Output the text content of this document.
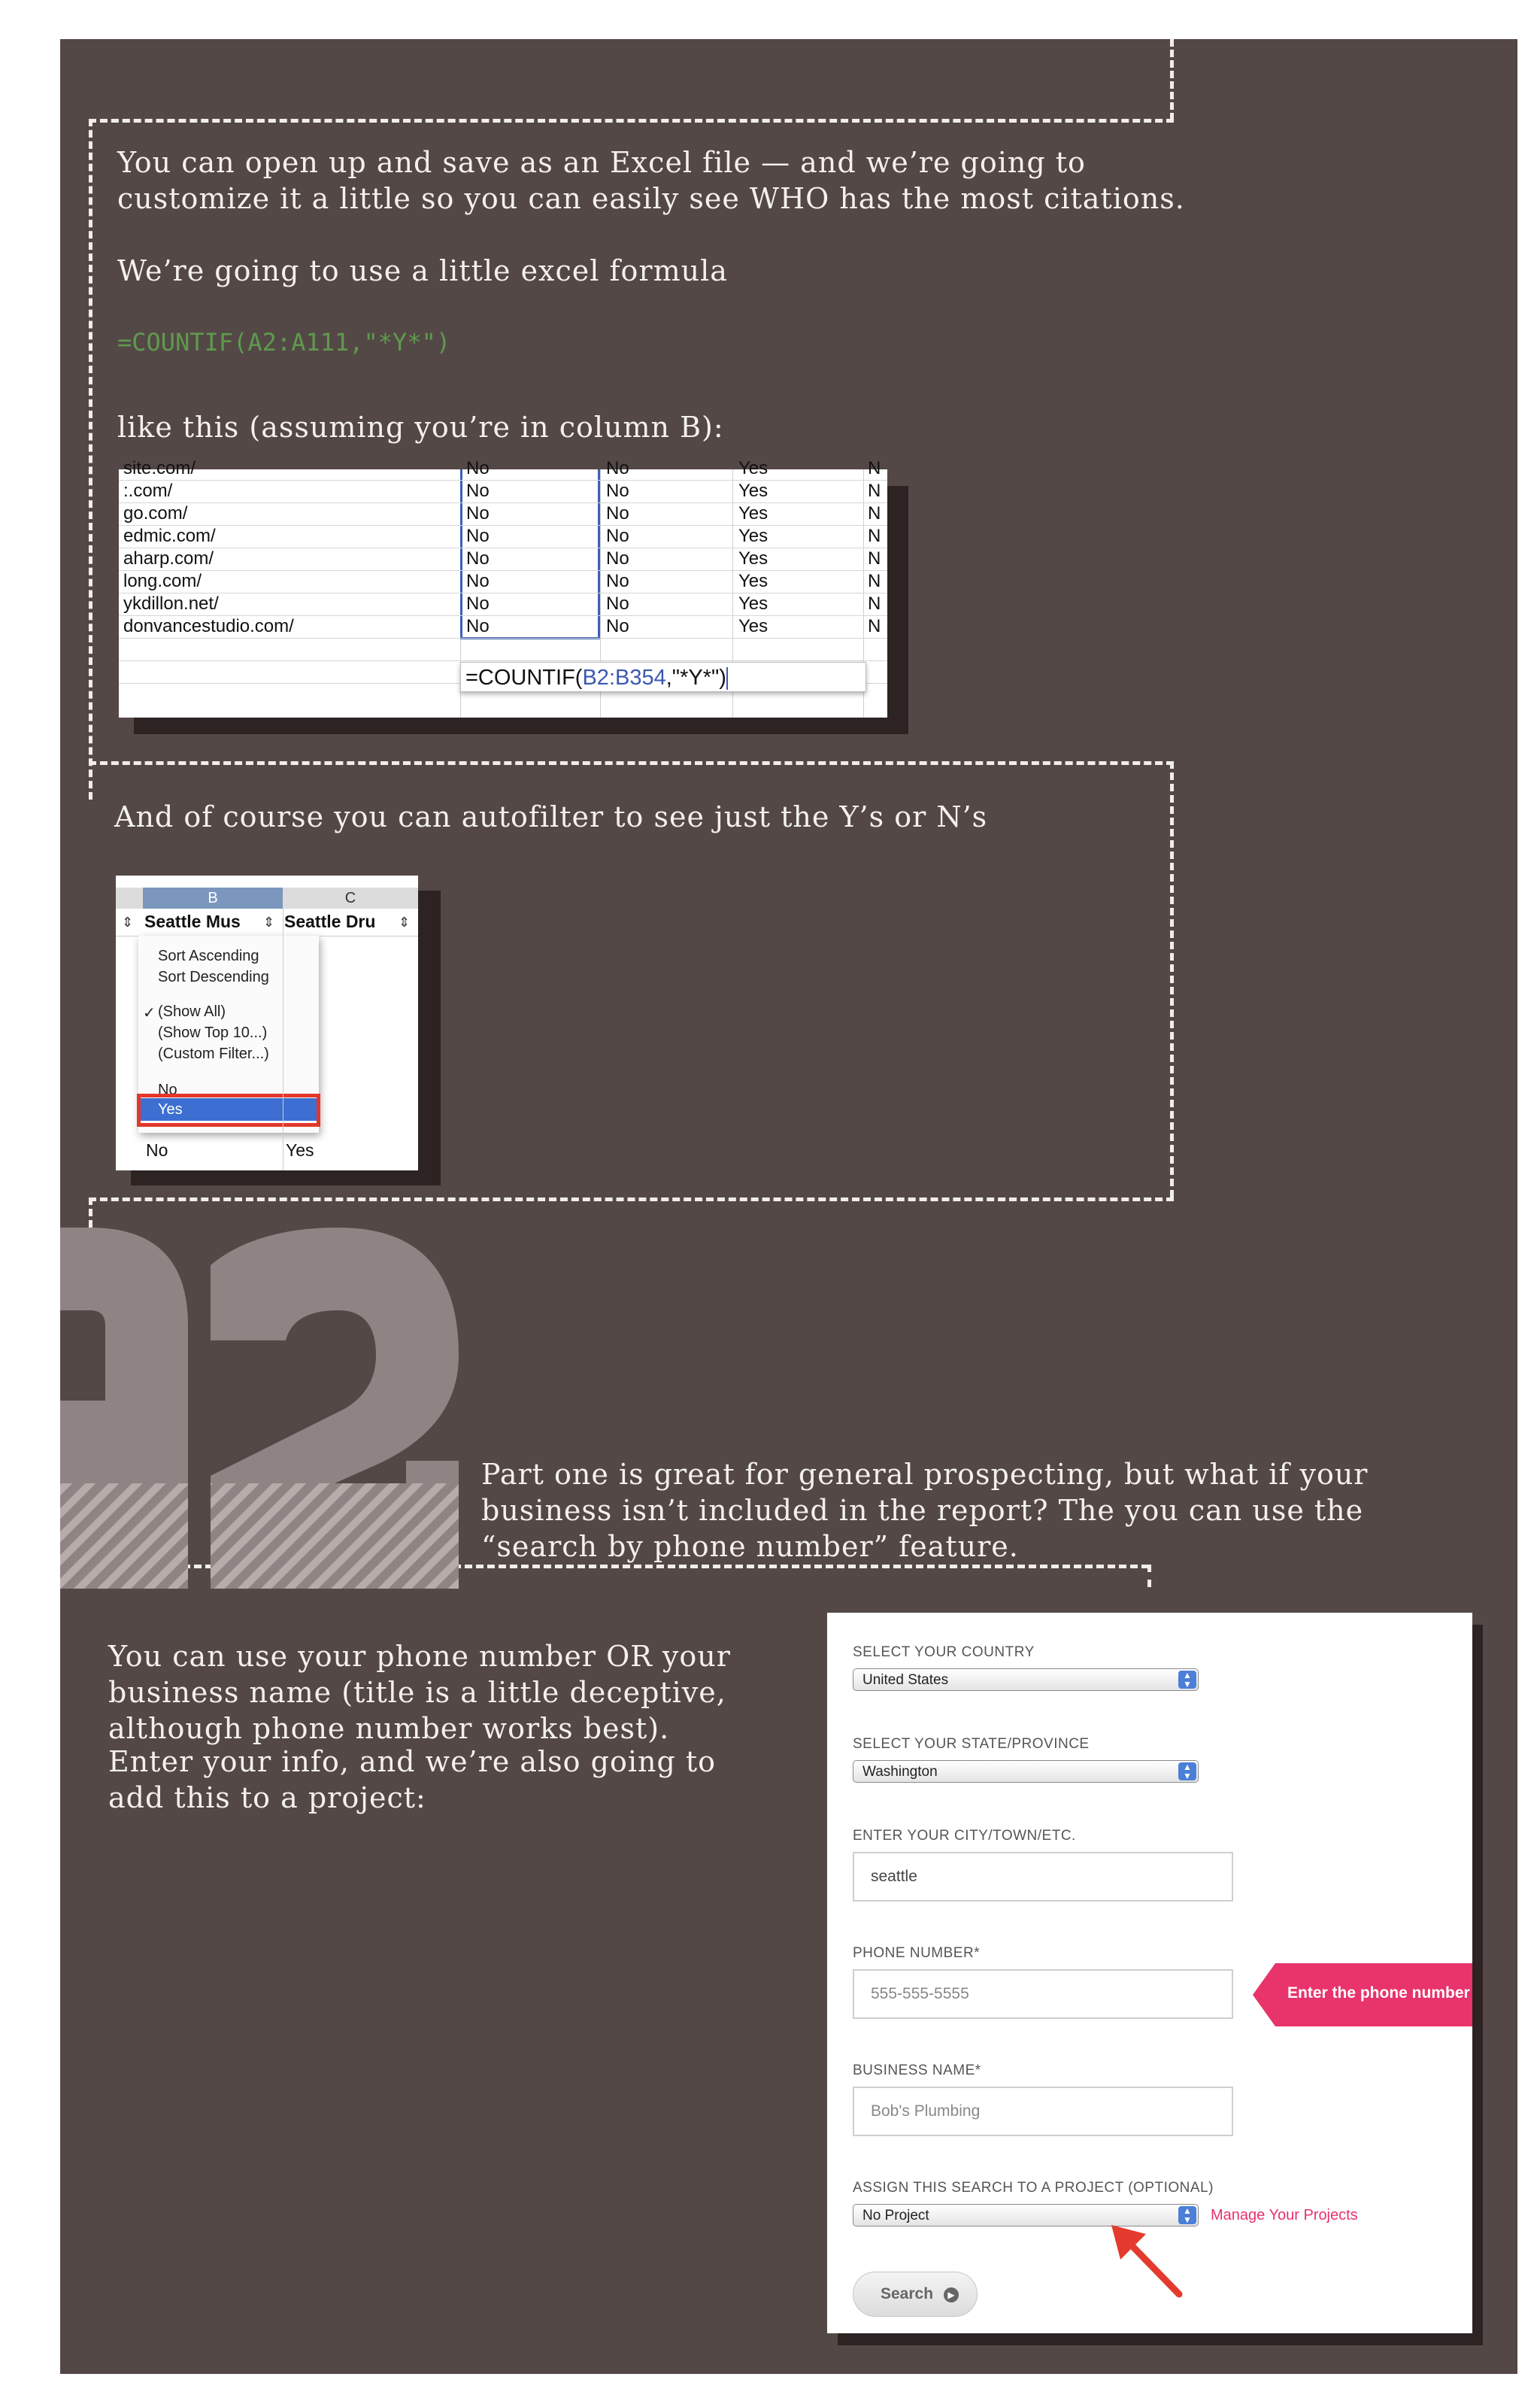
You can open up and save as an Excel file — and we’re going to customize it a little so you can easily see WHO has the most citations.
We’re going to use a little excel formula
=COUNTIF(A2:A111,"*Y*")
like this (assuming you’re in column B):
site.com/	No	No	Yes	N
:.com/	No	No	Yes	N
go.com/	No	No	Yes	N
edmic.com/	No	No	Yes	N
aharp.com/	No	No	Yes	N
long.com/	No	No	Yes	N
ykdillon.net/	No	No	Yes	N
donvancestudio.com/	No	No	Yes	N
=COUNTIF(B2:B354,"*Y*")
And of course you can autofilter to see just the Y’s or N’s
B	C
⇕ Seattle Mus ⇕ Seattle Dru	⇕
Sort Ascending
Sort Descending
✓ (Show All)
(Show Top 10...)
(Custom Filter...)
No
Yes
No	Yes
Part one is great for general prospecting, but what if your business isn’t included in the report? The you can use the “search by phone number” feature.
You can use your phone number OR your business name (title is a little deceptive, although phone number works best).
Enter your info, and we’re also going to add this to a project:
SELECT YOUR COUNTRY
United States	▲
▼
SELECT YOUR STATE/PROVINCE
Washington	▲
▼
ENTER YOUR CITY/TOWN/ETC.
seattle
PHONE NUMBER*
555-555-5555	Enter the phone number
BUSINESS NAME*
Bob's Plumbing
ASSIGN THIS SEARCH TO A PROJECT (OPTIONAL)
No Project	▲
▼	Manage Your Projects
Search	▶
